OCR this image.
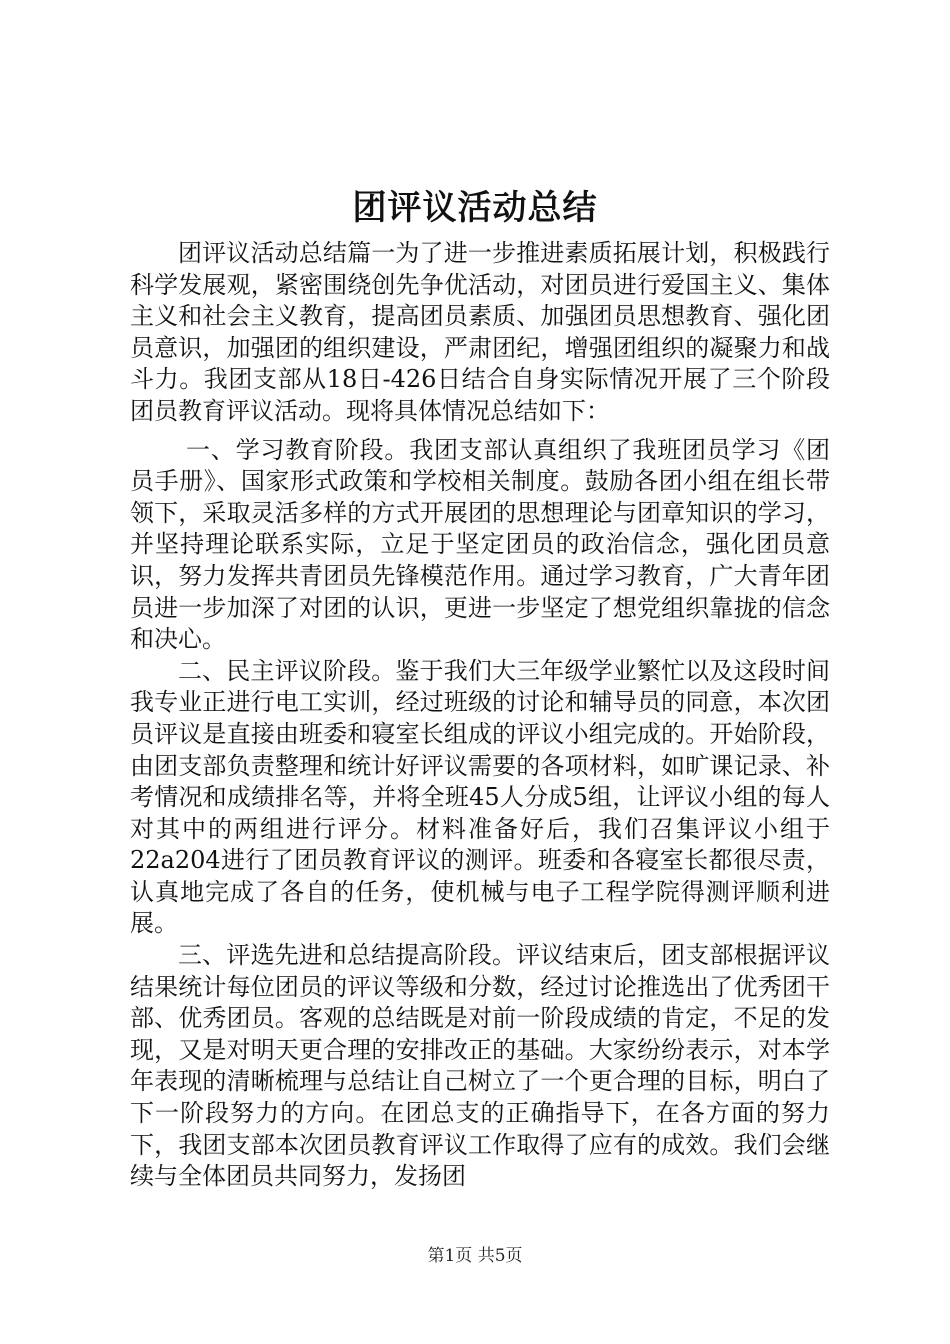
团评议活动总结

团评议活动总结篇一为了进一步推进素质拓展计划，积极践行科学发展观，紧密围绕创先争优活动，对团员进行爱国主义、集体主义和社会主义教育，提高团员素质、加强团员思想教育、强化团员意识，加强团的组织建设，严肃团纪，增强团组织的凝聚力和战斗力。我团支部从18日-426日结合自身实际情况开展了三个阶段团员教育评议活动。现将具体情况总结如下：

一、学习教育阶段。我团支部认真组织了我班团员学习《团员手册》、国家形式政策和学校相关制度。鼓励各团小组在组长带领下，采取灵活多样的方式开展团的思想理论与团章知识的学习，并坚持理论联系实际，立足于坚定团员的政治信念，强化团员意识，努力发挥共青团员先锋模范作用。通过学习教育，广大青年团员进一步加深了对团的认识，更进一步坚定了想党组织靠拢的信念和决心。

二、民主评议阶段。鉴于我们大三年级学业繁忙以及这段时间我专业正进行电工实训，经过班级的讨论和辅导员的同意，本次团员评议是直接由班委和寝室长组成的评议小组完成的。开始阶段，由团支部负责整理和统计好评议需要的各项材料，如旷课记录、补考情况和成绩排名等，并将全班45人分成5组，让评议小组的每人对其中的两组进行评分。材料准备好后，我们召集评议小组于22a204进行了团员教育评议的测评。班委和各寝室长都很尽责，认真地完成了各自的任务，使机械与电子工程学院得测评顺利进展。

三、评选先进和总结提高阶段。评议结束后，团支部根据评议结果统计每位团员的评议等级和分数，经过讨论推选出了优秀团干部、优秀团员。客观的总结既是对前一阶段成绩的肯定，不足的发现，又是对明天更合理的安排改正的基础。大家纷纷表示，对本学年表现的清晰梳理与总结让自己树立了一个更合理的目标，明白了下一阶段努力的方向。在团总支的正确指导下，在各方面的努力下，我团支部本次团员教育评议工作取得了应有的成效。我们会继续与全体团员共同努力，发扬团

第1页 共5页
